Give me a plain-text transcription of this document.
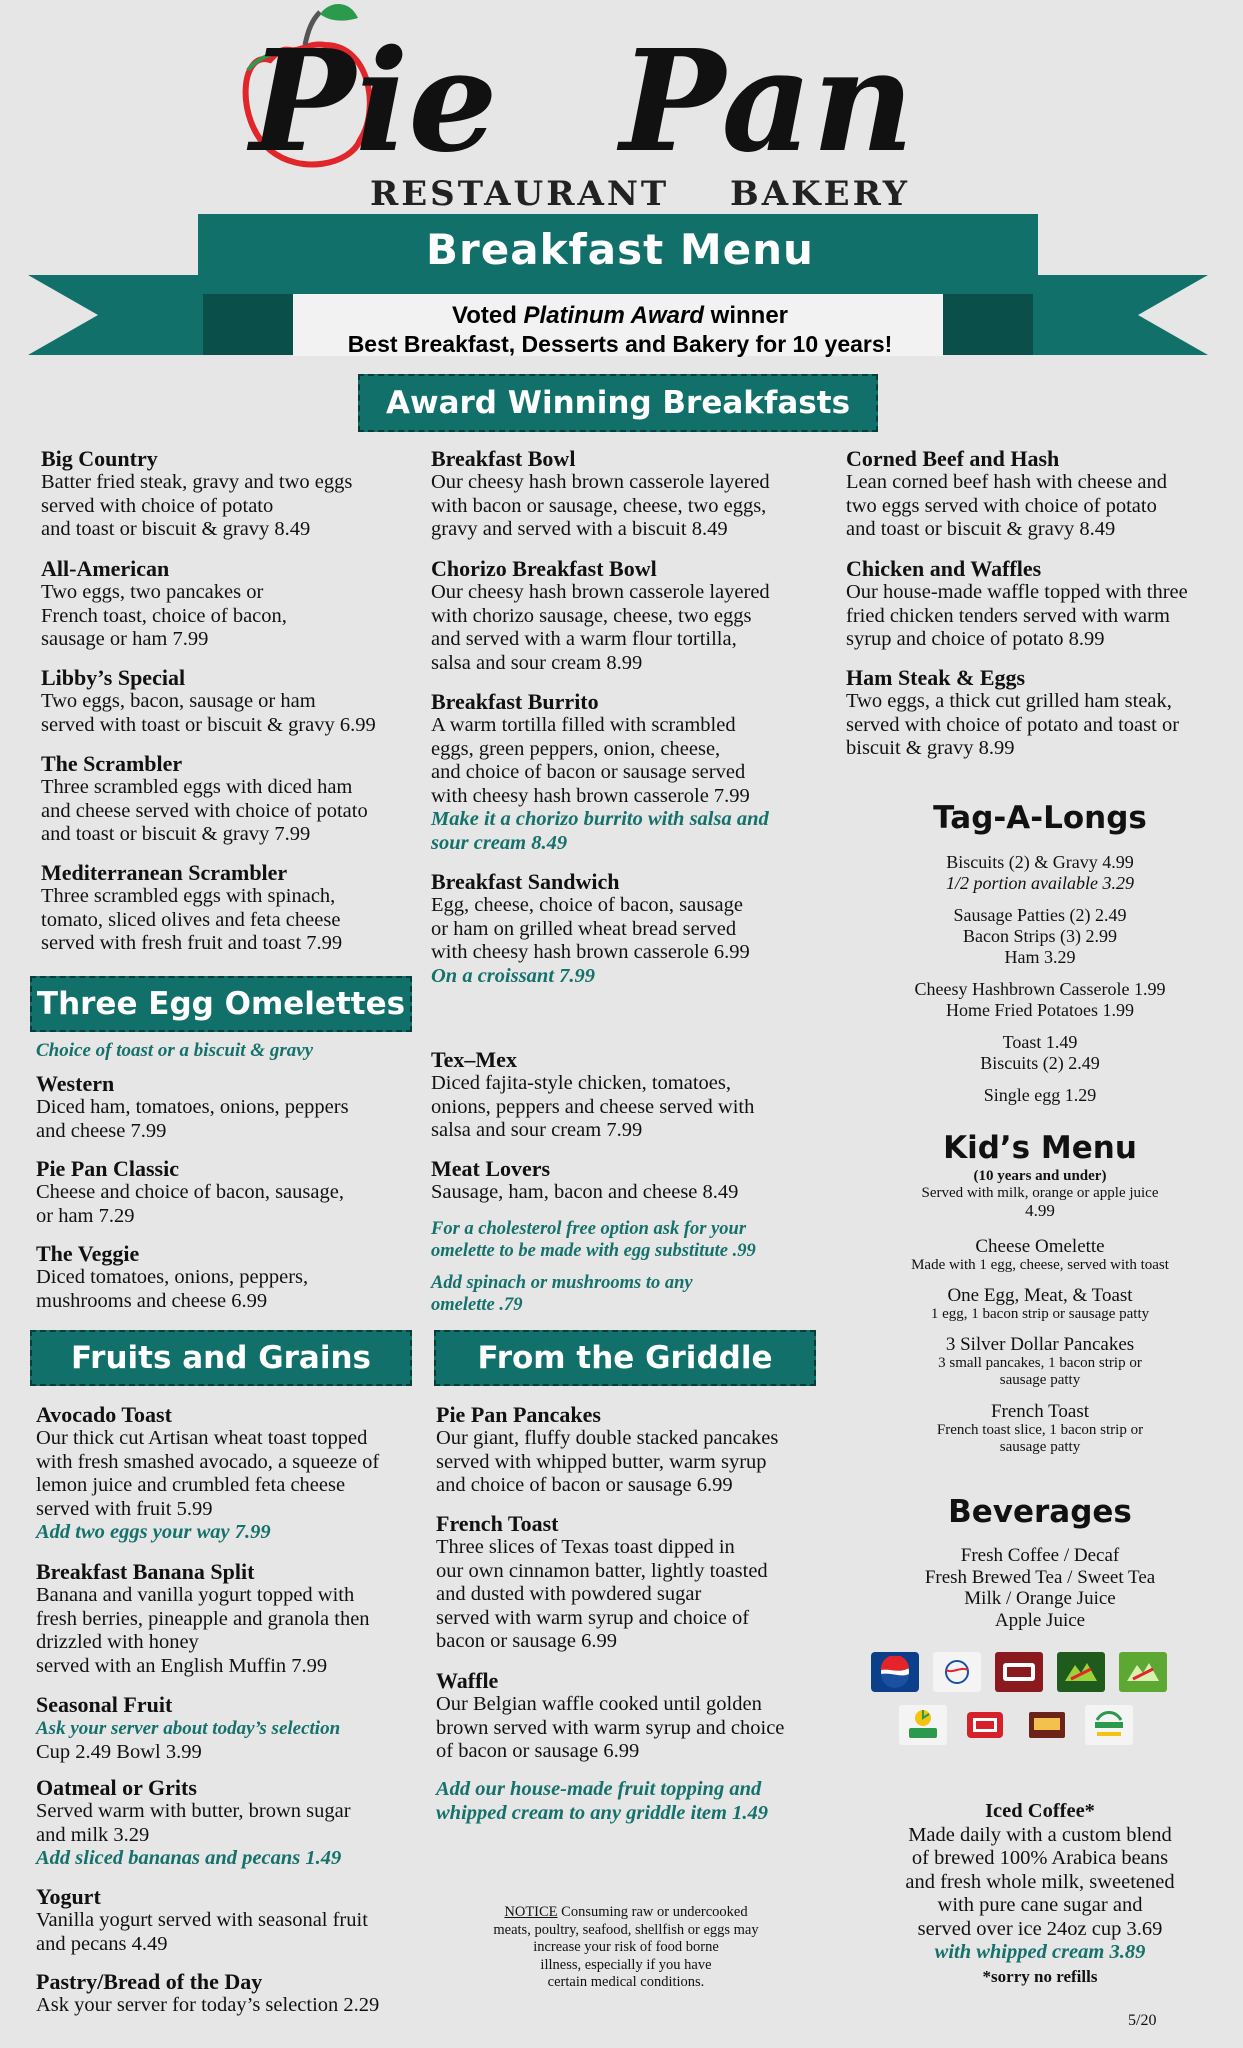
Pie Pan
RESTAURANT BAKERY
Breakfast Menu
Voted Platinum Award winner
Best Breakfast, Desserts and Bakery for 10 years!
Award Winning Breakfasts
Big Country
Batter fried steak, gravy and two eggs
served with choice of potato
and toast or biscuit & gravy 8.49
All-American
Two eggs, two pancakes or
French toast, choice of bacon,
sausage or ham 7.99
Libby’s Special
Two eggs, bacon, sausage or ham
served with toast or biscuit & gravy 6.99
The Scrambler
Three scrambled eggs with diced ham
and cheese served with choice of potato
and toast or biscuit & gravy 7.99
Mediterranean Scrambler
Three scrambled eggs with spinach,
tomato, sliced olives and feta cheese
served with fresh fruit and toast 7.99
Breakfast Bowl
Our cheesy hash brown casserole layered
with bacon or sausage, cheese, two eggs,
gravy and served with a biscuit 8.49
Chorizo Breakfast Bowl
Our cheesy hash brown casserole layered
with chorizo sausage, cheese, two eggs
and served with a warm flour tortilla,
salsa and sour cream 8.99
Breakfast Burrito
A warm tortilla filled with scrambled
eggs, green peppers, onion, cheese,
and choice of bacon or sausage served
with cheesy hash brown casserole 7.99
Make it a chorizo burrito with salsa and
sour cream 8.49
Breakfast Sandwich
Egg, cheese, choice of bacon, sausage
or ham on grilled wheat bread served
with cheesy hash brown casserole 6.99
On a croissant 7.99
Corned Beef and Hash
Lean corned beef hash with cheese and
two eggs served with choice of potato
and toast or biscuit & gravy 8.49
Chicken and Waffles
Our house-made waffle topped with three
fried chicken tenders served with warm
syrup and choice of potato 8.99
Ham Steak & Eggs
Two eggs, a thick cut grilled ham steak,
served with choice of potato and toast or
biscuit & gravy 8.99
Three Egg Omelettes
Choice of toast or a biscuit & gravy
Western
Diced ham, tomatoes, onions, peppers
and cheese 7.99
Pie Pan Classic
Cheese and choice of bacon, sausage,
or ham 7.29
The Veggie
Diced tomatoes, onions, peppers,
mushrooms and cheese 6.99
Tex–Mex
Diced fajita-style chicken, tomatoes,
onions, peppers and cheese served with
salsa and sour cream 7.99
Meat Lovers
Sausage, ham, bacon and cheese 8.49
For a cholesterol free option ask for your
omelette to be made with egg substitute .99
Add spinach or mushrooms to any
omelette .79
Fruits and Grains
Avocado Toast
Our thick cut Artisan wheat toast topped
with fresh smashed avocado, a squeeze of
lemon juice and crumbled feta cheese
served with fruit 5.99
Add two eggs your way 7.99
Breakfast Banana Split
Banana and vanilla yogurt topped with
fresh berries, pineapple and granola then
drizzled with honey
served with an English Muffin 7.99
Seasonal Fruit
Ask your server about today’s selection
Cup 2.49 Bowl 3.99
Oatmeal or Grits
Served warm with butter, brown sugar
and milk 3.29
Add sliced bananas and pecans 1.49
Yogurt
Vanilla yogurt served with seasonal fruit
and pecans 4.49
Pastry/Bread of the Day
Ask your server for today’s selection 2.29
From the Griddle
Pie Pan Pancakes
Our giant, fluffy double stacked pancakes
served with whipped butter, warm syrup
and choice of bacon or sausage 6.99
French Toast
Three slices of Texas toast dipped in
our own cinnamon batter, lightly toasted
and dusted with powdered sugar
served with warm syrup and choice of
bacon or sausage 6.99
Waffle
Our Belgian waffle cooked until golden
brown served with warm syrup and choice
of bacon or sausage 6.99
Add our house-made fruit topping and
whipped cream to any griddle item 1.49
NOTICE Consuming raw or undercooked
meats, poultry, seafood, shellfish or eggs may
increase your risk of food borne
illness, especially if you have
certain medical conditions.
Tag-A-Longs
Biscuits (2) & Gravy 4.99
1/2 portion available 3.29
Sausage Patties (2) 2.49
Bacon Strips (3) 2.99
Ham 3.29
Cheesy Hashbrown Casserole 1.99
Home Fried Potatoes 1.99
Toast 1.49
Biscuits (2) 2.49
Single egg 1.29
Kid’s Menu
(10 years and under)
Served with milk, orange or apple juice
4.99
Cheese Omelette
Made with 1 egg, cheese, served with toast
One Egg, Meat, & Toast
1 egg, 1 bacon strip or sausage patty
3 Silver Dollar Pancakes
3 small pancakes, 1 bacon strip or
sausage patty
French Toast
French toast slice, 1 bacon strip or
sausage patty
Beverages
Fresh Coffee / Decaf
Fresh Brewed Tea / Sweet Tea
Milk / Orange Juice
Apple Juice
Iced Coffee*
Made daily with a custom blend
of brewed 100% Arabica beans
and fresh whole milk, sweetened
with pure cane sugar and
served over ice 24oz cup 3.69
with whipped cream 3.89
*sorry no refills
5/20
